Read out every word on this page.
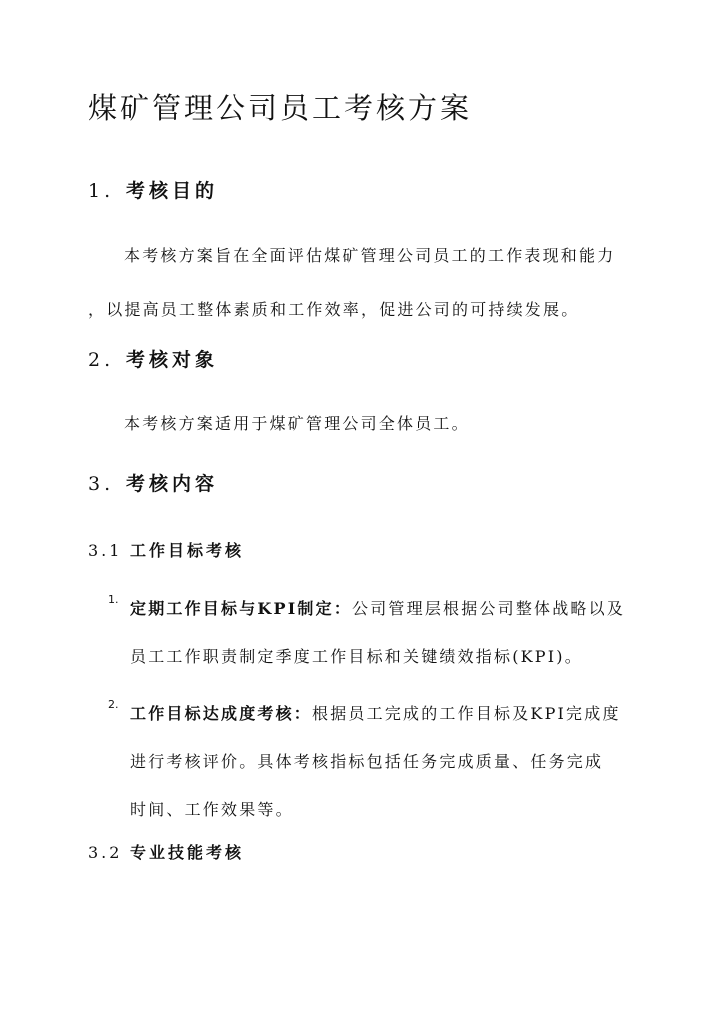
煤矿管理公司员工考核方案
1. 考核目的
本考核方案旨在全面评估煤矿管理公司员工的工作表现和能力
，以提高员工整体素质和工作效率，促进公司的可持续发展。
2. 考核对象
本考核方案适用于煤矿管理公司全体员工。
3. 考核内容
3.1 工作目标考核
1. 定期工作目标与KPI制定：公司管理层根据公司整体战略以及
员工工作职责制定季度工作目标和关键绩效指标(KPI)。
2. 工作目标达成度考核：根据员工完成的工作目标及KPI完成度
进行考核评价。具体考核指标包括任务完成质量、任务完成
时间、工作效果等。
3.2 专业技能考核
